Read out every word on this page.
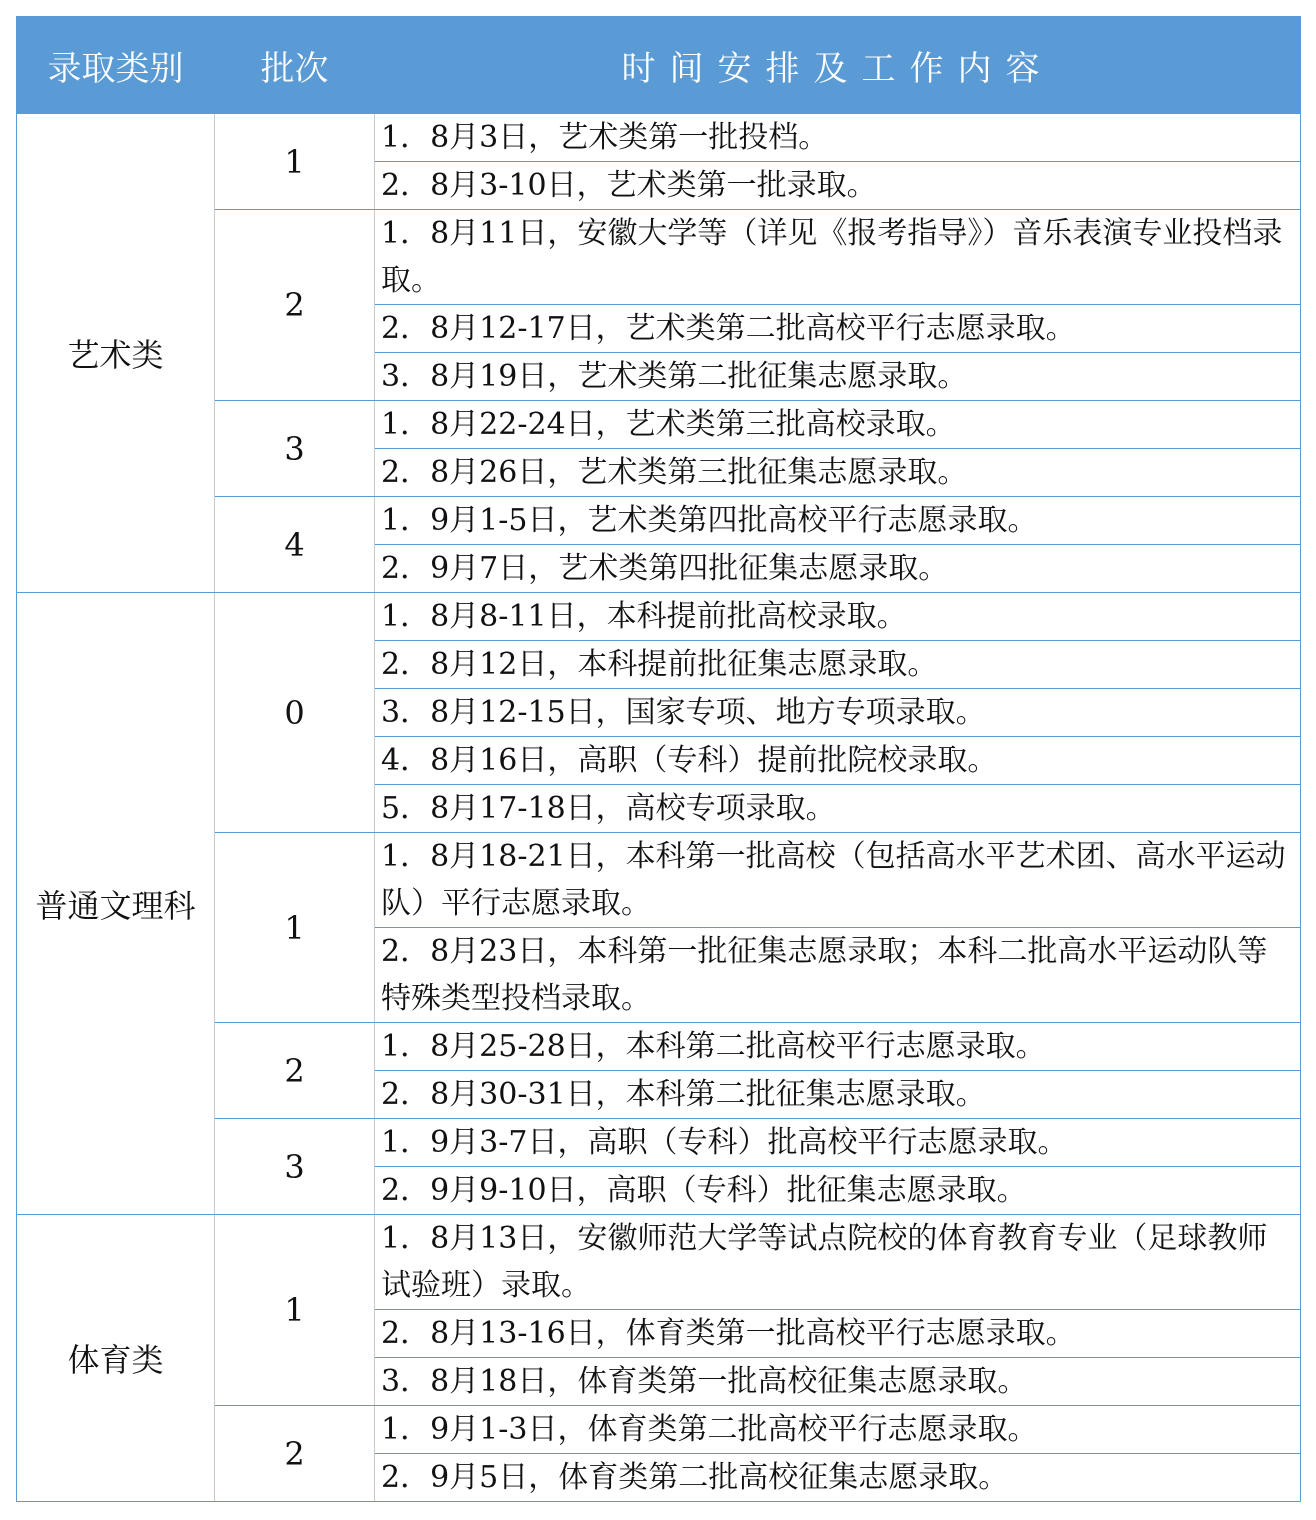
录取类别	批次	时间安排及工作内容
艺术类	1	1．8月3日，艺术类第一批投档。
		2．8月3-10日，艺术类第一批录取。
	2	1．8月11日，安徽大学等（详见《报考指导》）音乐表演专业投档录取。
		2．8月12-17日，艺术类第二批高校平行志愿录取。
		3．8月19日，艺术类第二批征集志愿录取。
	3	1．8月22-24日，艺术类第三批高校录取。
		2．8月26日，艺术类第三批征集志愿录取。
	4	1．9月1-5日，艺术类第四批高校平行志愿录取。
		2．9月7日，艺术类第四批征集志愿录取。
普通文理科	0	1．8月8-11日，本科提前批高校录取。
		2．8月12日，本科提前批征集志愿录取。
		3．8月12-15日，国家专项、地方专项录取。
		4．8月16日，高职（专科）提前批院校录取。
		5．8月17-18日，高校专项录取。
	1	1．8月18-21日，本科第一批高校（包括高水平艺术团、高水平运动队）平行志愿录取。
		2．8月23日，本科第一批征集志愿录取；本科二批高水平运动队等特殊类型投档录取。
	2	1．8月25-28日，本科第二批高校平行志愿录取。
		2．8月30-31日，本科第二批征集志愿录取。
	3	1．9月3-7日，高职（专科）批高校平行志愿录取。
		2．9月9-10日，高职（专科）批征集志愿录取。
体育类	1	1．8月13日，安徽师范大学等试点院校的体育教育专业（足球教师试验班）录取。
		2．8月13-16日，体育类第一批高校平行志愿录取。
		3．8月18日，体育类第一批高校征集志愿录取。
	2	1．9月1-3日，体育类第二批高校平行志愿录取。
		2．9月5日，体育类第二批高校征集志愿录取。
